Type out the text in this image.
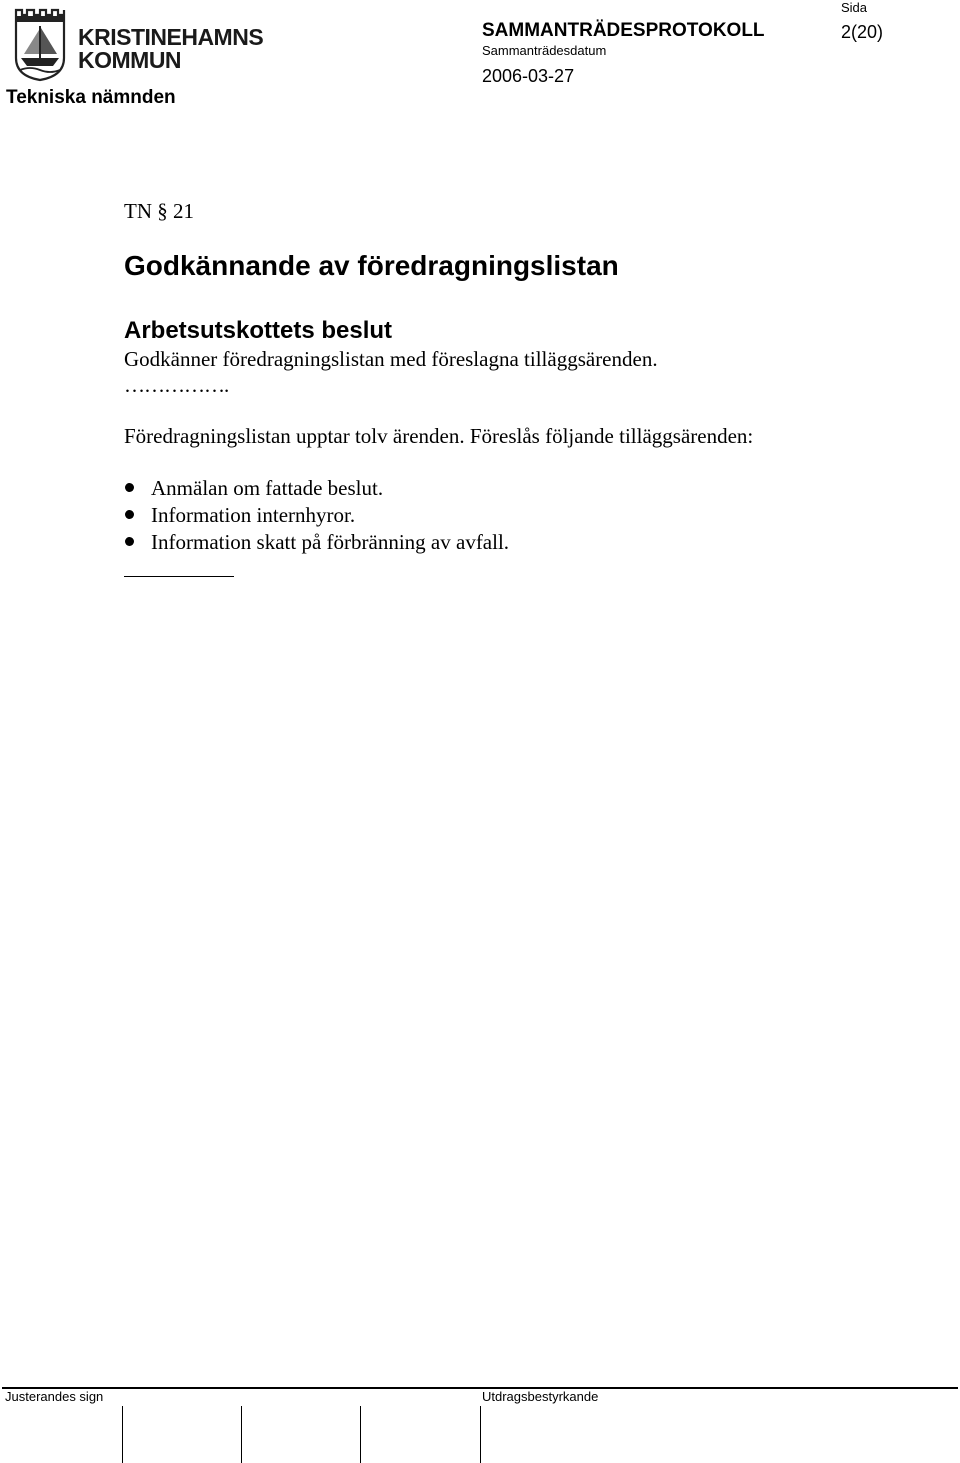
KRISTINEHAMNS
KOMMUN
Tekniska nämnden
SAMMANTRÄDESPROTOKOLL
Sida
2(20)
Sammanträdesdatum
2006-03-27
TN § 21
Godkännande av föredragningslistan
Arbetsutskottets beslut
Godkänner föredragningslistan med föreslagna tilläggsärenden.
…………….
Föredragningslistan upptar tolv ärenden. Föreslås följande tilläggsärenden:
Anmälan om fattade beslut.
Information internhyror.
Information skatt på förbränning av avfall.
Justerandes sign	Utdragsbestyrkande
